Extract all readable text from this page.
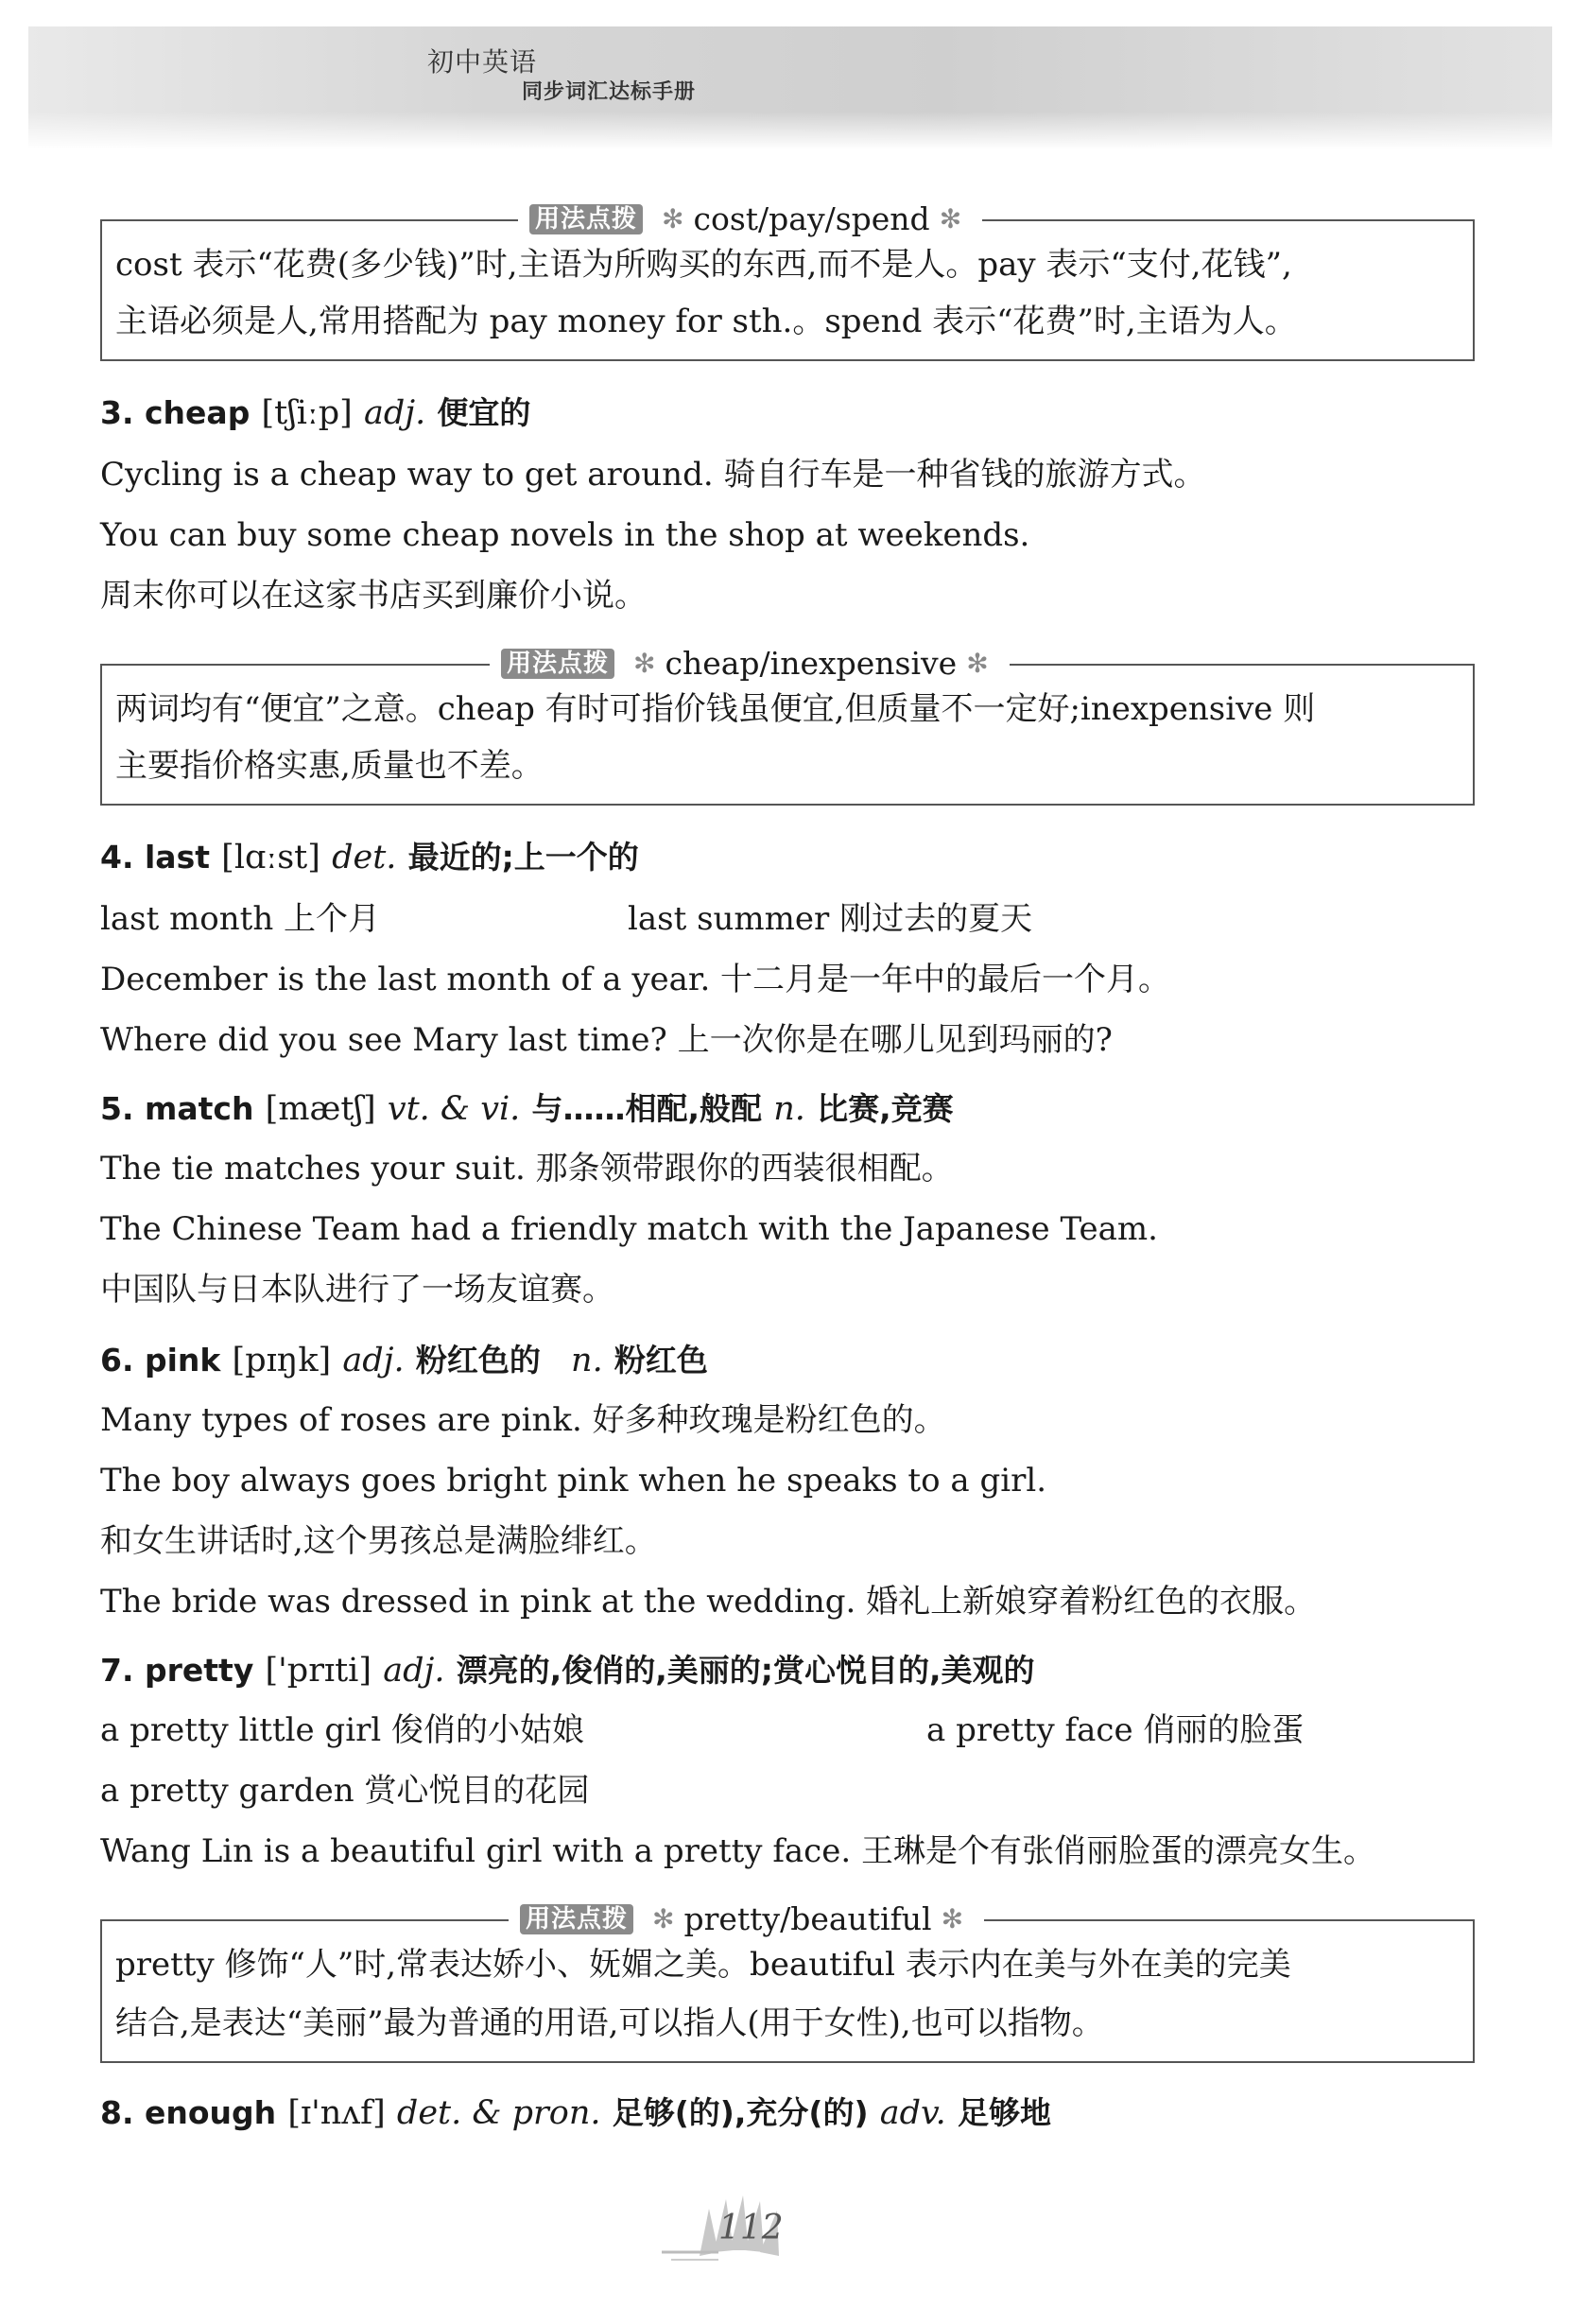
初中英语
同步词汇达标手册
用法点拨 ✻ cost/pay/spend ✻
cost 表示“花费(多少钱)”时,主语为所购买的东西,而不是人。pay 表示“支付,花钱”,
主语必须是人,常用搭配为 pay money for sth.。spend 表示“花费”时,主语为人。
3. cheap [tʃiːp] adj. 便宜的
Cycling is a cheap way to get around. 骑自行车是一种省钱的旅游方式。
You can buy some cheap novels in the shop at weekends.
周末你可以在这家书店买到廉价小说。
用法点拨 ✻ cheap/inexpensive ✻
两词均有“便宜”之意。cheap 有时可指价钱虽便宜,但质量不一定好;inexpensive 则
主要指价格实惠,质量也不差。
4. last [lɑːst] det. 最近的;上一个的
last month 上个月	last summer 刚过去的夏天
December is the last month of a year. 十二月是一年中的最后一个月。
Where did you see Mary last time? 上一次你是在哪儿见到玛丽的?
5. match [mætʃ] vt. & vi. 与……相配,般配 n. 比赛,竞赛
The tie matches your suit. 那条领带跟你的西装很相配。
The Chinese Team had a friendly match with the Japanese Team.
中国队与日本队进行了一场友谊赛。
6. pink [pɪŋk] adj. 粉红色的 n. 粉红色
Many types of roses are pink. 好多种玫瑰是粉红色的。
The boy always goes bright pink when he speaks to a girl.
和女生讲话时,这个男孩总是满脸绯红。
The bride was dressed in pink at the wedding. 婚礼上新娘穿着粉红色的衣服。
7. pretty ['prɪti] adj. 漂亮的,俊俏的,美丽的;赏心悦目的,美观的
a pretty little girl 俊俏的小姑娘	a pretty face 俏丽的脸蛋
a pretty garden 赏心悦目的花园
Wang Lin is a beautiful girl with a pretty face. 王琳是个有张俏丽脸蛋的漂亮女生。
用法点拨 ✻ pretty/beautiful ✻
pretty 修饰“人”时,常表达娇小、妩媚之美。beautiful 表示内在美与外在美的完美
结合,是表达“美丽”最为普通的用语,可以指人(用于女性),也可以指物。
8. enough [ɪ'nʌf] det. & pron. 足够(的),充分(的) adv. 足够地
112
